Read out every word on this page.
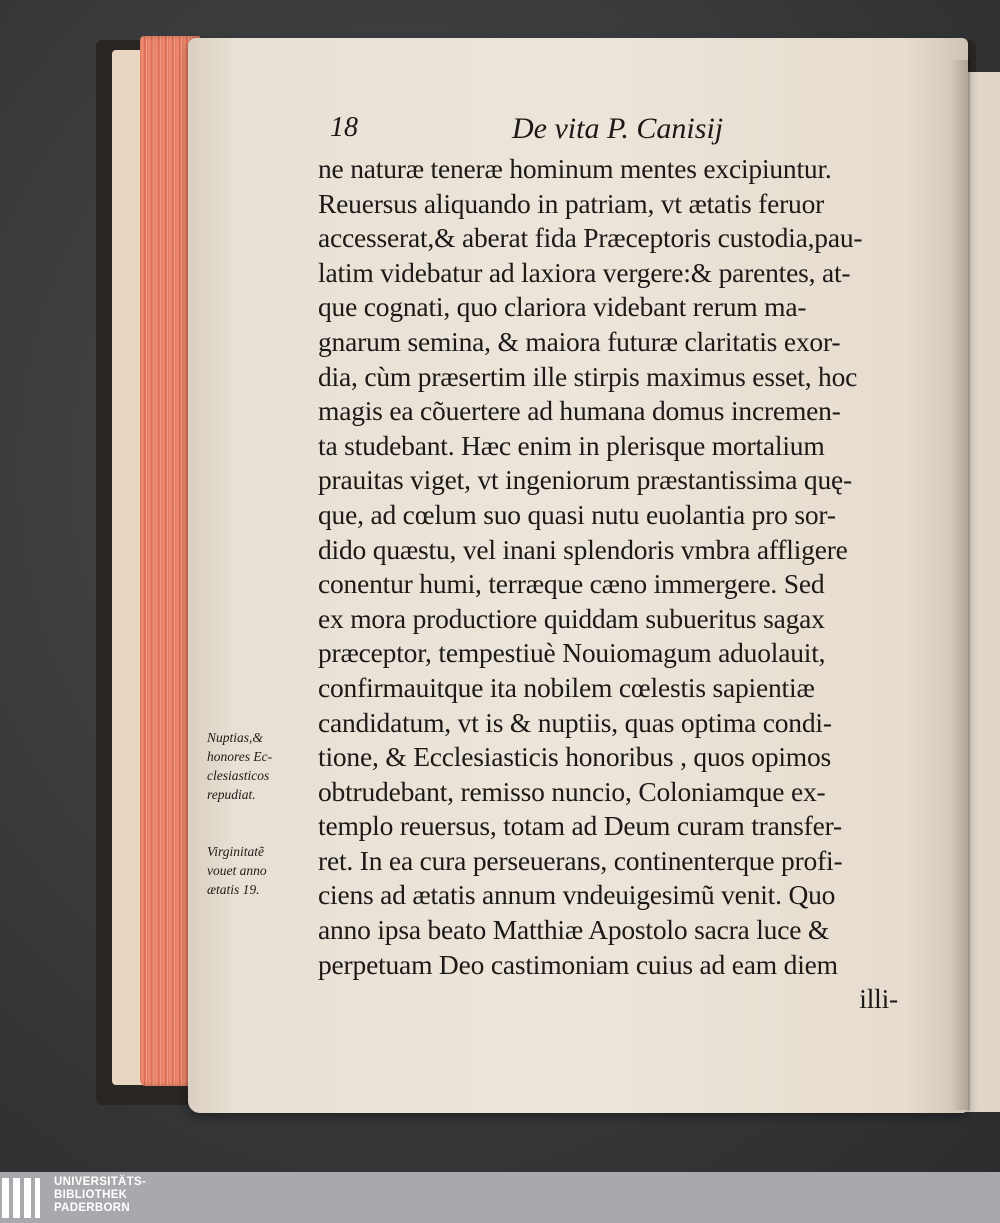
18	De vita P. Canisij
ne naturæ teneræ hominum mentes excipiuntur.
Reuersus aliquando in patriam, vt ætatis feruor
accesserat,& aberat fida Præceptoris custodia,pau-
latim videbatur ad laxiora vergere:& parentes, at-
que cognati, quo clariora videbant rerum ma-
gnarum semina, & maiora futuræ claritatis exor-
dia, cùm præsertim ille stirpis maximus esset, hoc
magis ea cõuertere ad humana domus incremen-
ta studebant. Hæc enim in plerisque mortalium
prauitas viget, vt ingeniorum præstantissima quę-
que, ad cœlum suo quasi nutu euolantia pro sor-
dido quæstu, vel inani splendoris vmbra affligere
conentur humi, terræque cæno immergere. Sed
ex mora productiore quiddam subueritus sagax
præceptor, tempestiuè Nouiomagum aduolauit,
confirmauitque ita nobilem cœlestis sapientiæ
candidatum, vt is & nuptiis, quas optima condi-
tione, & Ecclesiasticis honoribus , quos opimos
obtrudebant, remisso nuncio, Coloniamque ex-
templo reuersus, totam ad Deum curam transfer-
ret. In ea cura perseuerans, continenterque profi-
ciens ad ætatis annum vndeuigesimũ venit. Quo
anno ipsa beato Matthiæ Apostolo sacra luce &
perpetuam Deo castimoniam cuius ad eam diem
illi-
Nuptias,&
honores Ec-
clesiasticos
repudiat.
Virginitatẽ
vouet anno
ætatis 19.
UNIVERSITÄTS-
BIBLIOTHEK
PADERBORN
